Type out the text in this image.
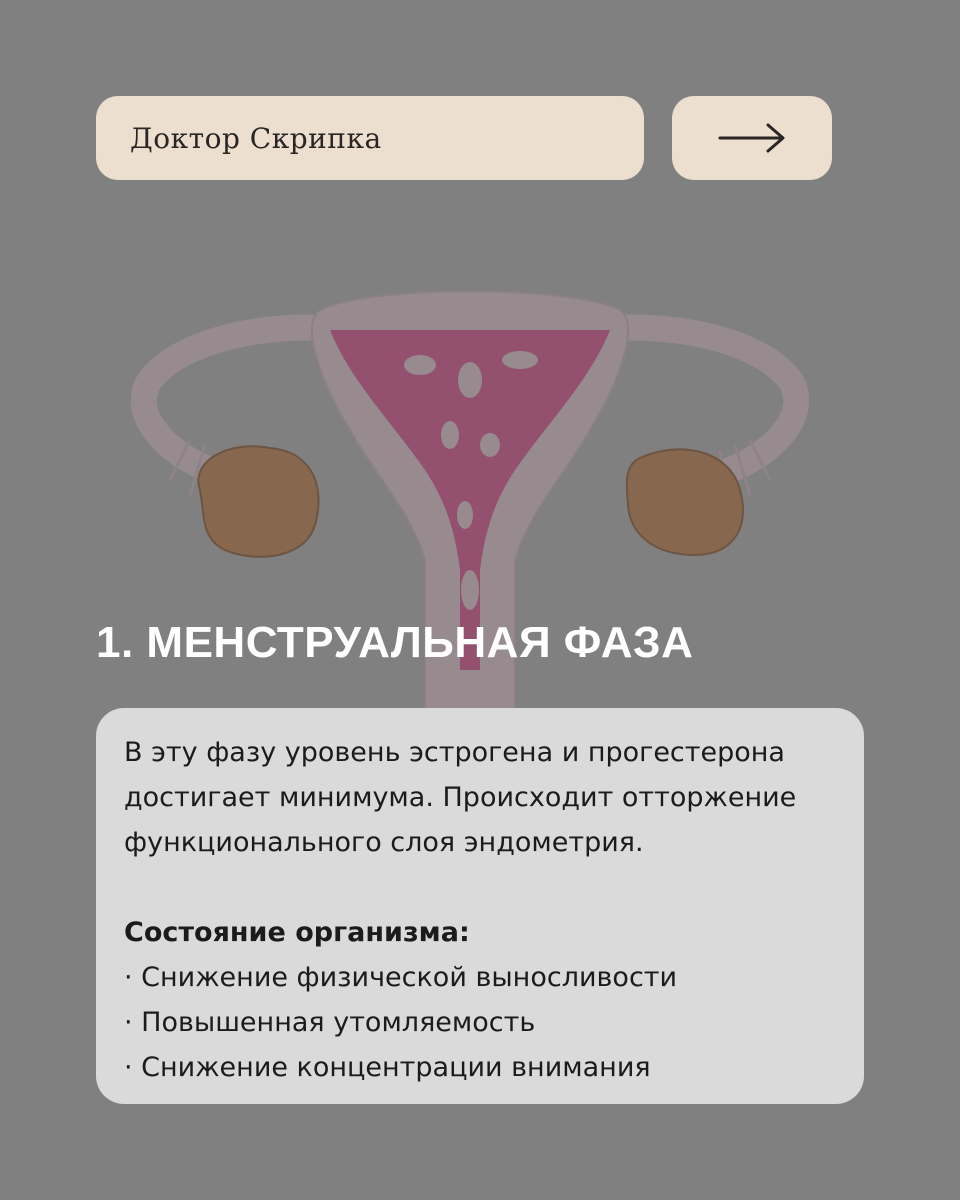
Доктор Скрипка
1. МЕНСТРУАЛЬНАЯ ФАЗА

В эту фазу уровень эстрогена и прогестерона достигает минимума. Происходит отторжение функционального слоя эндометрия.

Состояние организма:

· Снижение физической выносливости
· Повышенная утомляемость
· Снижение концентрации внимания
